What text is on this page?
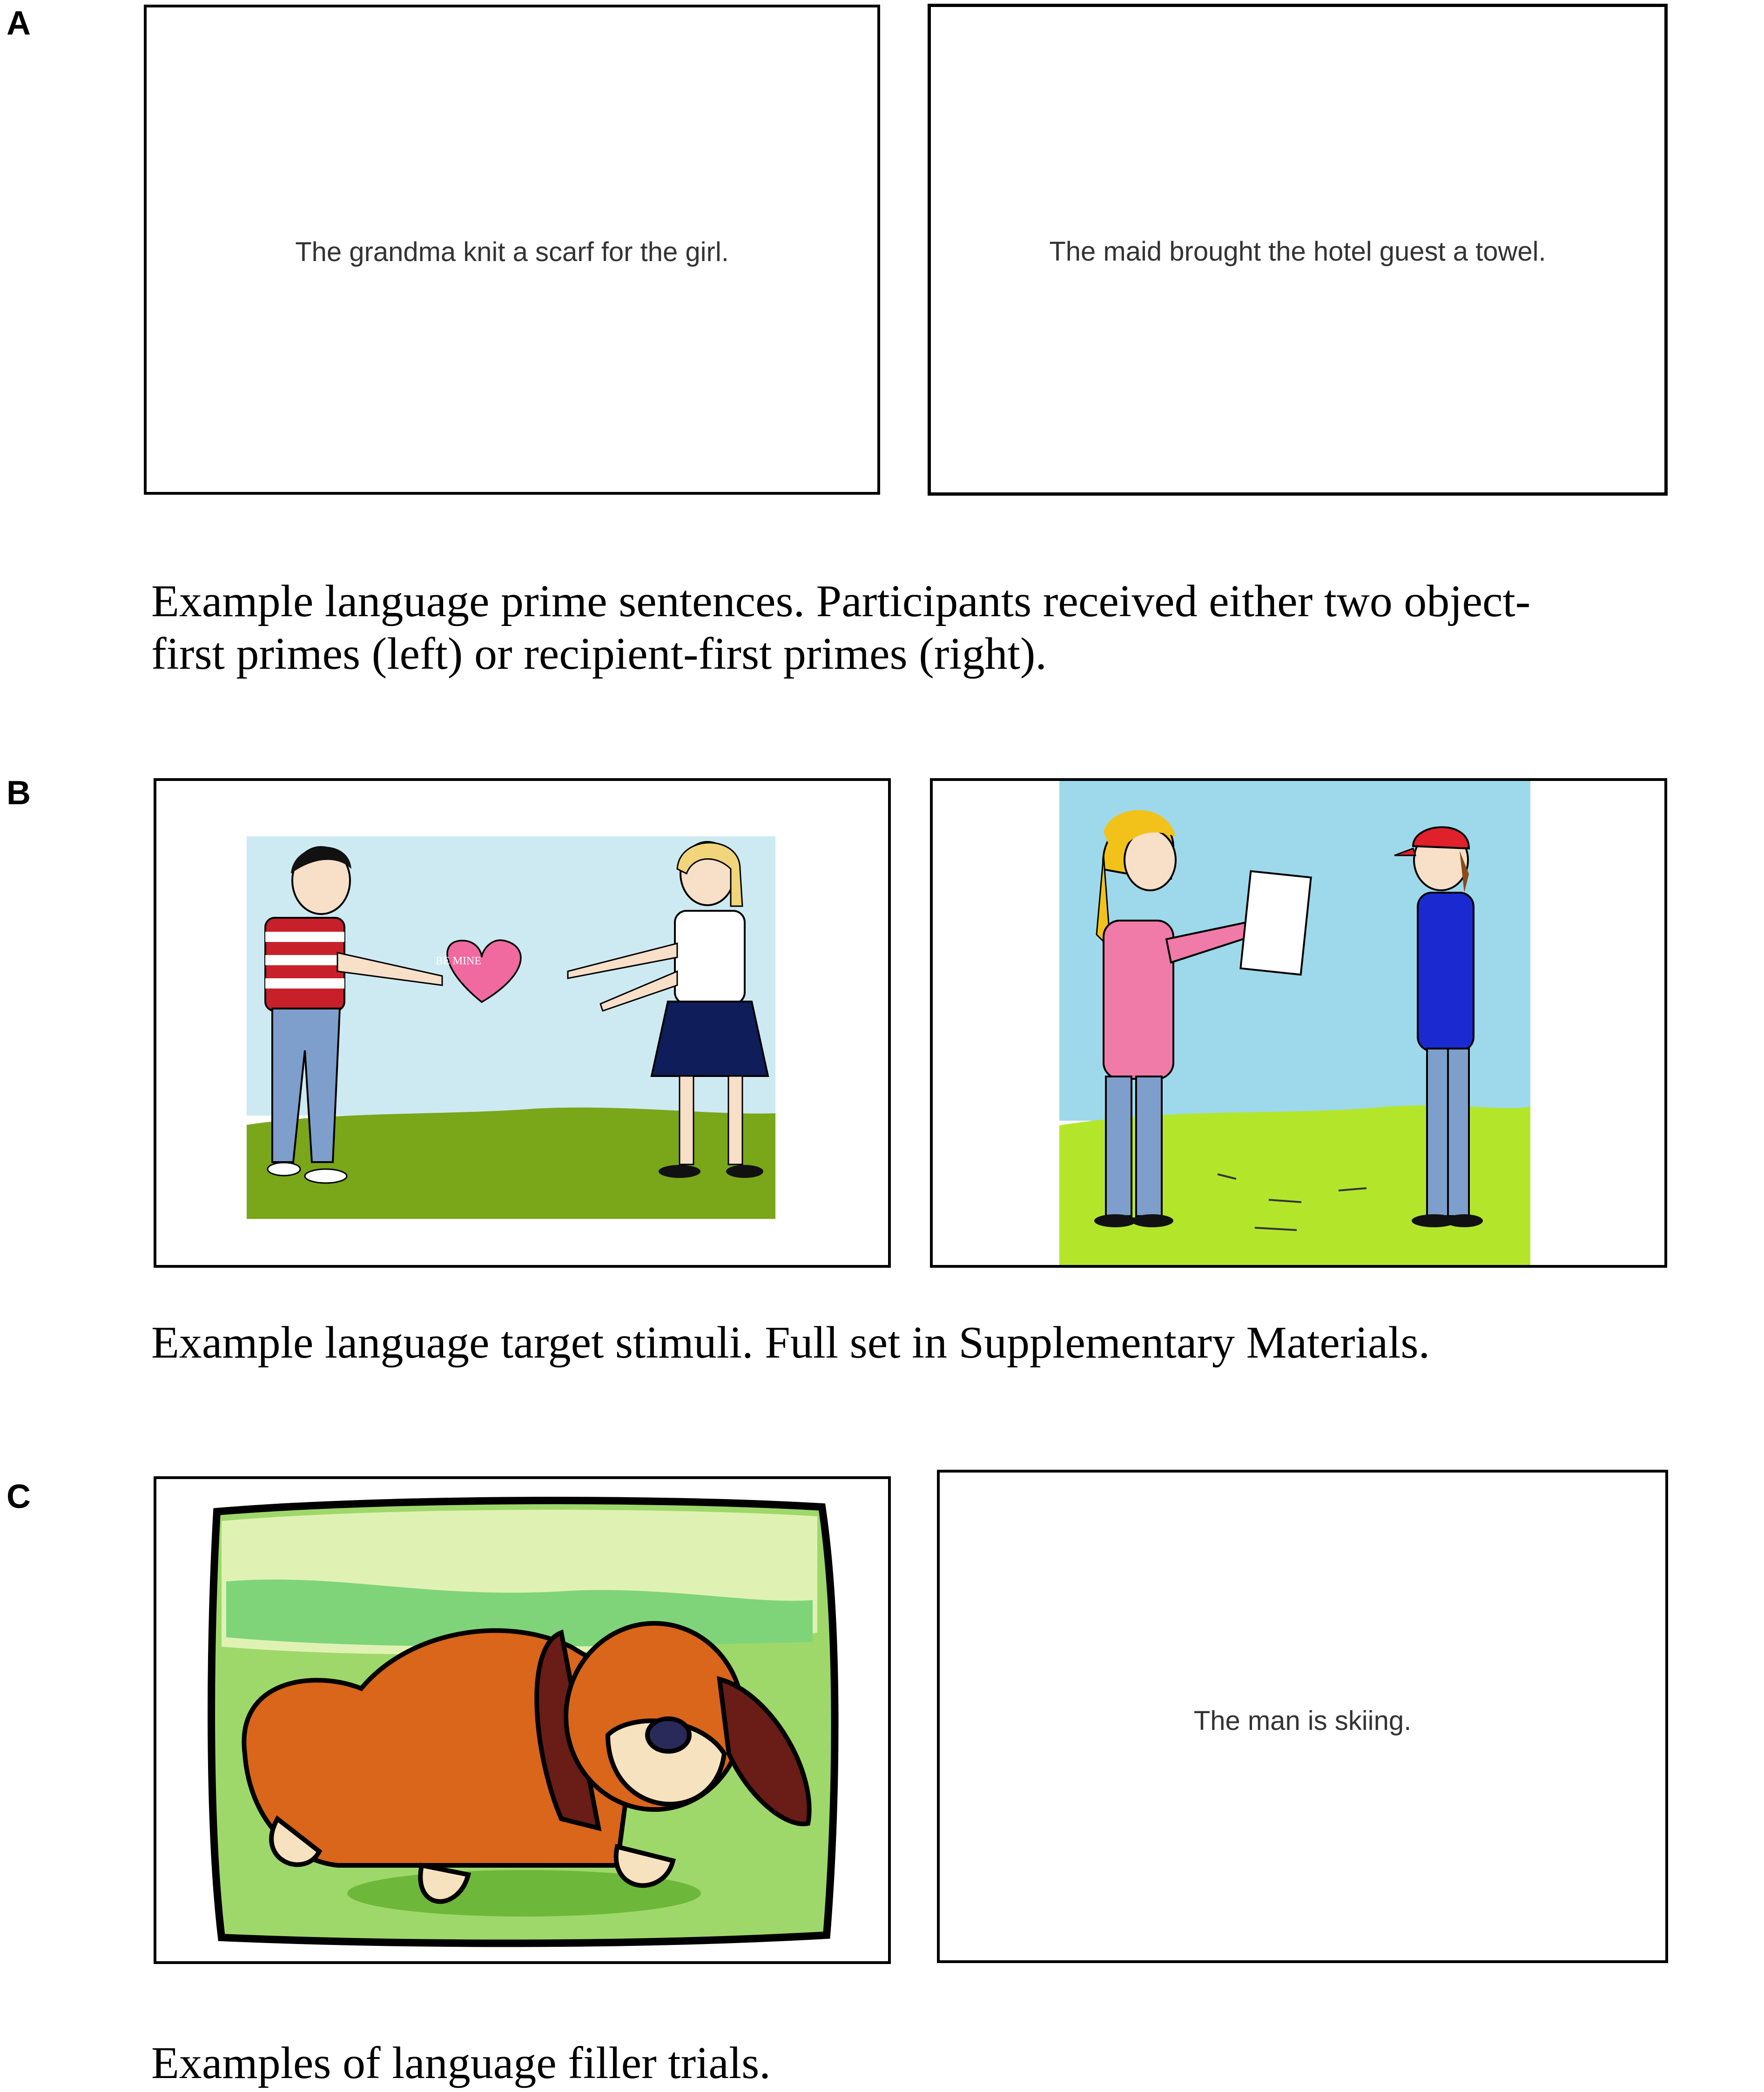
A
The grandma knit a scarf for the girl.	The maid brought the hotel guest a towel.
Example language prime sentences. Participants received either two object-
first primes (left) or recipient-first primes (right).
B
BE MINE
Example language target stimuli. Full set in Supplementary Materials.
C
The man is skiing.
Examples of language filler trials.
